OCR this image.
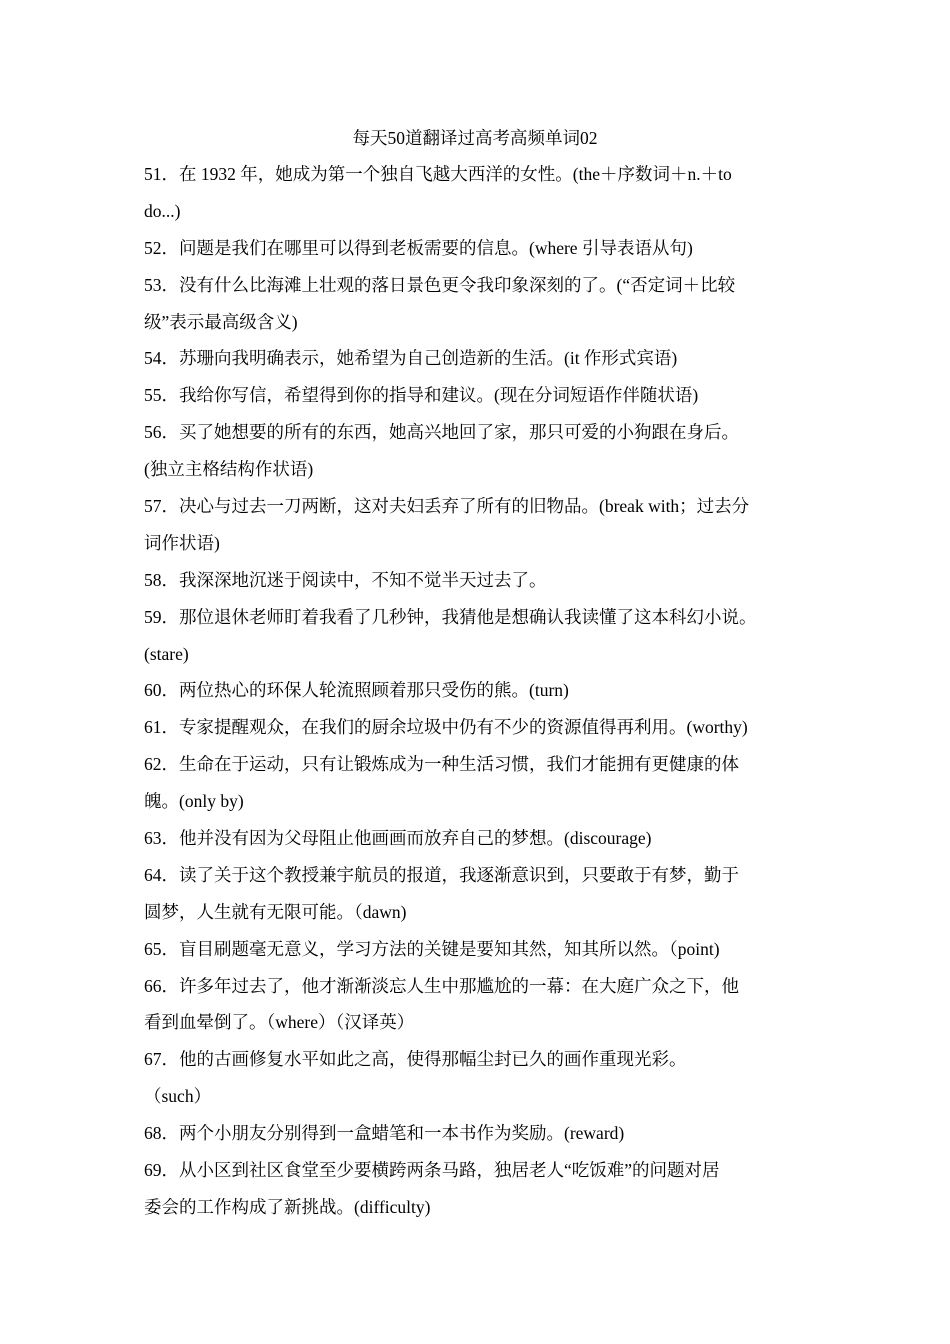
每天50道翻译过高考高频单词02
51．在 1932 年，她成为第一个独自飞越大西洋的女性。(the＋序数词＋n.＋to
do...)
52．问题是我们在哪里可以得到老板需要的信息。(where 引导表语从句)
53．没有什么比海滩上壮观的落日景色更令我印象深刻的了。(“否定词＋比较
级”表示最高级含义)
54．苏珊向我明确表示，她希望为自己创造新的生活。(it 作形式宾语)
55．我给你写信，希望得到你的指导和建议。(现在分词短语作伴随状语)
56．买了她想要的所有的东西，她高兴地回了家，那只可爱的小狗跟在身后。
(独立主格结构作状语)
57．决心与过去一刀两断，这对夫妇丢弃了所有的旧物品。(break with；过去分
词作状语)
58．我深深地沉迷于阅读中，不知不觉半天过去了。
59．那位退休老师盯着我看了几秒钟，我猜他是想确认我读懂了这本科幻小说。
(stare)
60．两位热心的环保人轮流照顾着那只受伤的熊。(turn)
61．专家提醒观众，在我们的厨余垃圾中仍有不少的资源值得再利用。(worthy)
62．生命在于运动，只有让锻炼成为一种生活习惯，我们才能拥有更健康的体
魄。(only by)
63．他并没有因为父母阻止他画画而放弃自己的梦想。(discourage)
64．读了关于这个教授兼宇航员的报道，我逐渐意识到，只要敢于有梦，勤于
圆梦，人生就有无限可能。（dawn)
65．盲目刷题毫无意义，学习方法的关键是要知其然，知其所以然。（point)
66．许多年过去了，他才渐渐淡忘人生中那尴尬的一幕：在大庭广众之下，他
看到血晕倒了。（where）（汉译英）
67．他的古画修复水平如此之高，使得那幅尘封已久的画作重现光彩。
（such）
68．两个小朋友分别得到一盒蜡笔和一本书作为奖励。(reward)
69．从小区到社区食堂至少要横跨两条马路，独居老人“吃饭难”的问题对居
委会的工作构成了新挑战。(difficulty)
